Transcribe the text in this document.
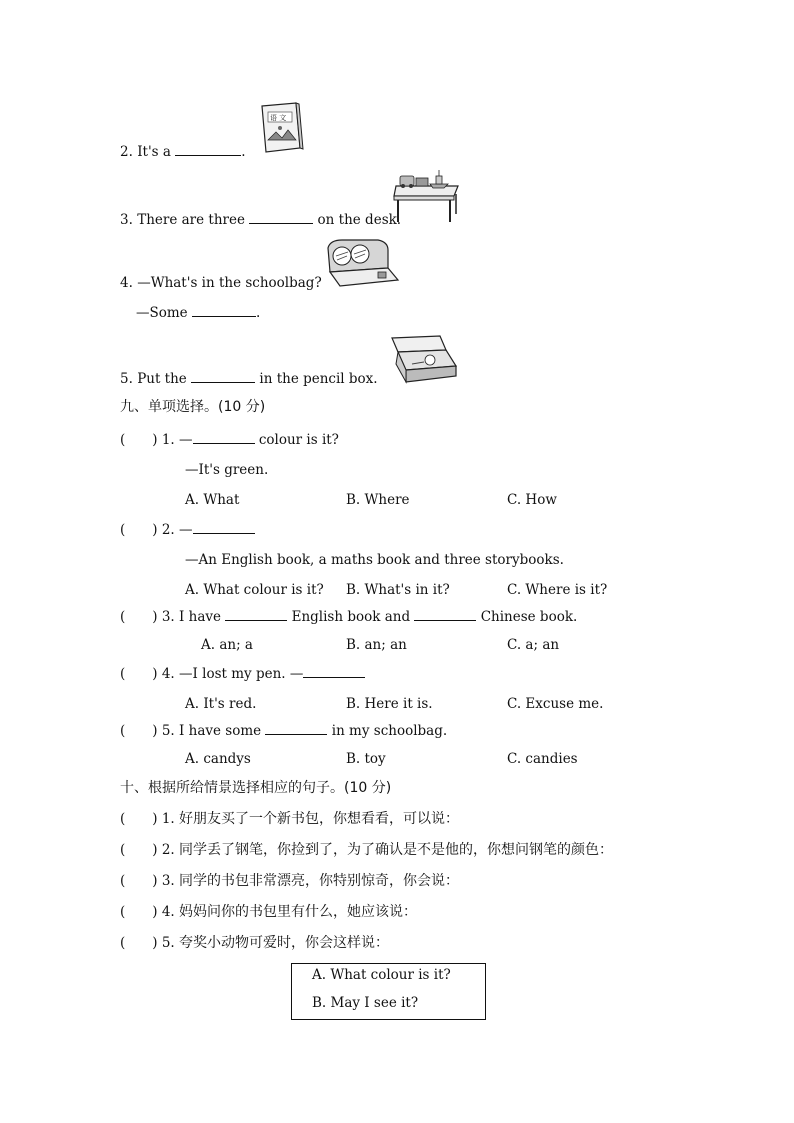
2. It's a	.
语 文
3. There are three	on the desk.
4. —What's in the schoolbag?
—Some	.
5. Put the	in the pencil box.
九、单项选择。(10 分)
(　　) 1. —	colour is it?
—It's green.
A. What	B. Where	C. How
(　　) 2. —
—An English book, a maths book and three storybooks.
A. What colour is it? B. What's in it?	C. Where is it?
(　　) 3. I have	English book and	Chinese book.
A. an; a	B. an; an	C. a; an
(　　) 4. —I lost my pen. —
A. It's red.	B. Here it is.	C. Excuse me.
(　　) 5. I have some	in my schoolbag.
A. candys	B. toy	C. candies
十、根据所给情景选择相应的句子。(10 分)
(　　) 1. 好朋友买了一个新书包，你想看看，可以说：
(　　) 2. 同学丢了钢笔，你捡到了，为了确认是不是他的，你想问钢笔的颜色：
(　　) 3. 同学的书包非常漂亮，你特别惊奇，你会说：
(　　) 4. 妈妈问你的书包里有什么，她应该说：
(　　) 5. 夸奖小动物可爱时，你会这样说：
A. What colour is it?
B. May I see it?
